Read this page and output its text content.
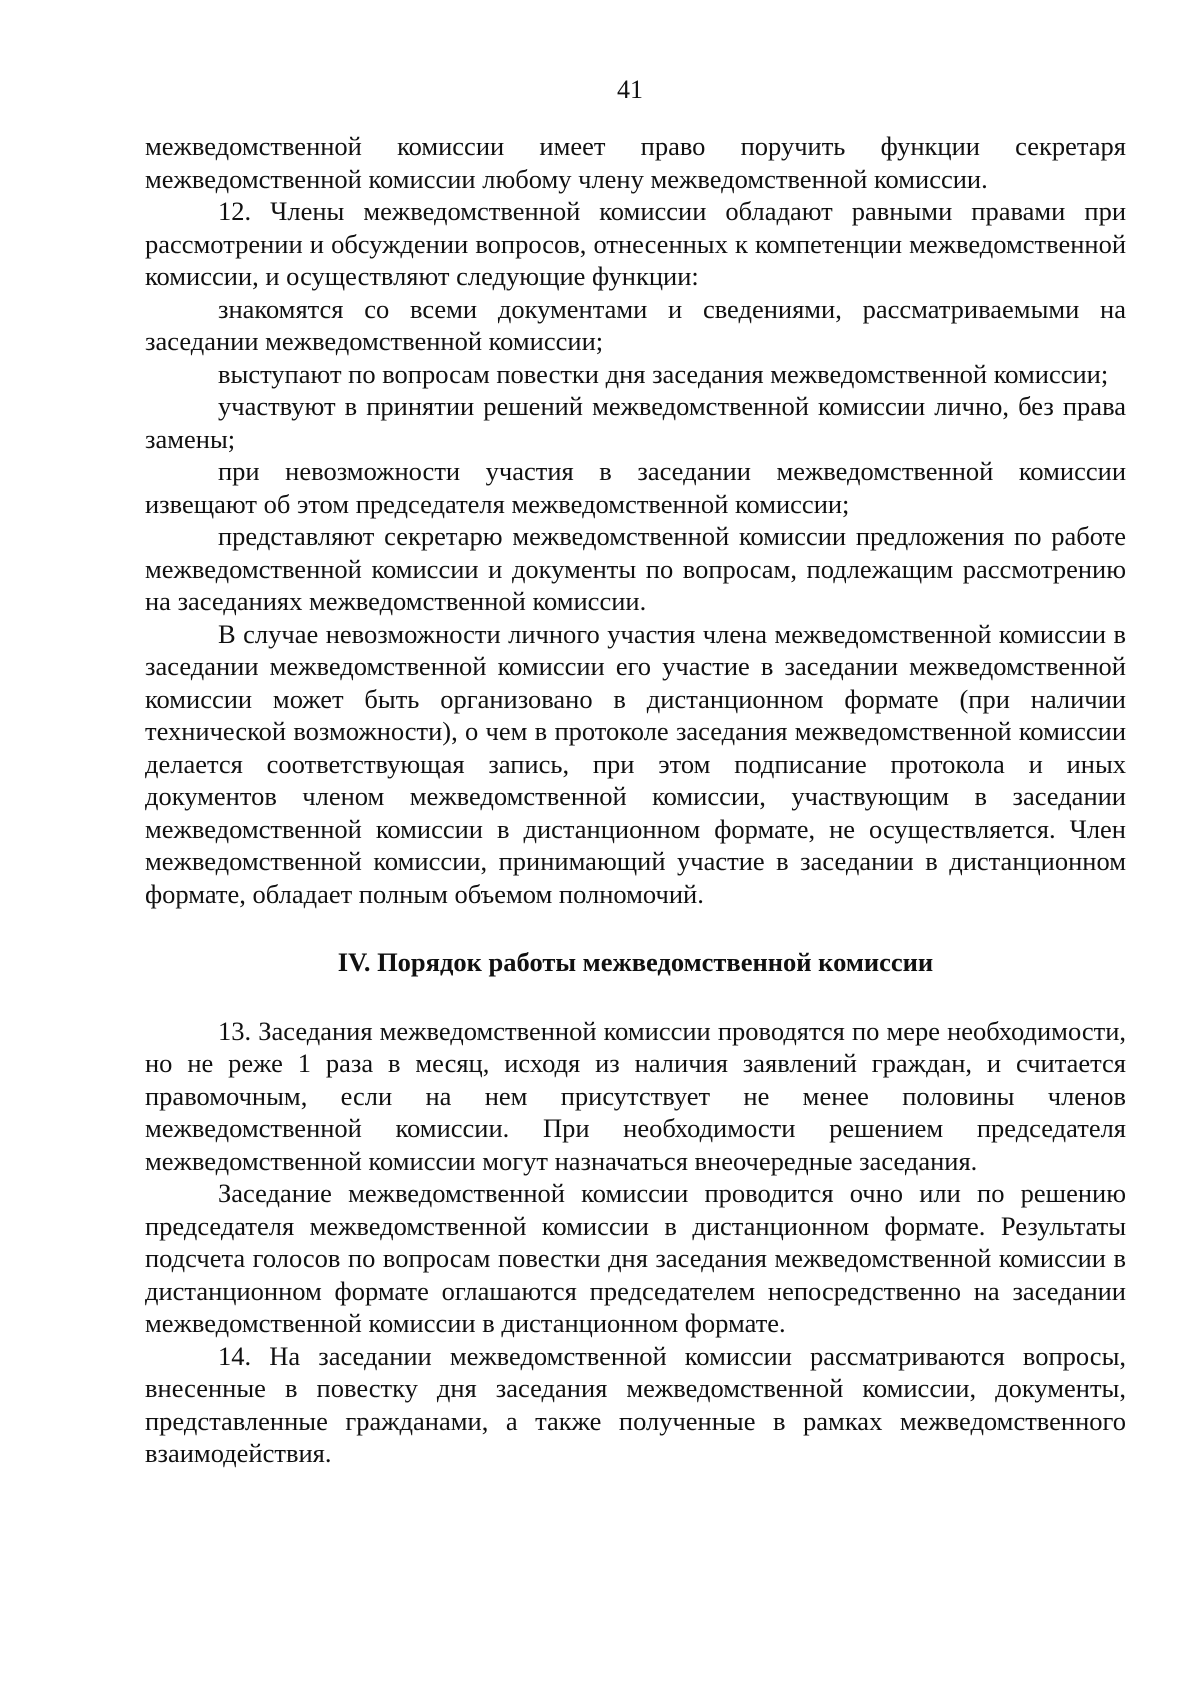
41

межведомственной комиссии имеет право поручить функции секретаря межведомственной комиссии любому члену межведомственной комиссии.

12. Члены межведомственной комиссии обладают равными правами при рассмотрении и обсуждении вопросов, отнесенных к компетенции межведомственной комиссии, и осуществляют следующие функции:

знакомятся со всеми документами и сведениями, рассматриваемыми на заседании межведомственной комиссии;

выступают по вопросам повестки дня заседания межведомственной комиссии;

участвуют в принятии решений межведомственной комиссии лично, без права замены;

при невозможности участия в заседании межведомственной комиссии извещают об этом председателя межведомственной комиссии;

представляют секретарю межведомственной комиссии предложения по работе межведомственной комиссии и документы по вопросам, подлежащим рассмотрению на заседаниях межведомственной комиссии.

В случае невозможности личного участия члена межведомственной комиссии в заседании межведомственной комиссии его участие в заседании межведомственной комиссии может быть организовано в дистанционном формате (при наличии технической возможности), о чем в протоколе заседания межведомственной комиссии делается соответствующая запись, при этом подписание протокола и иных документов членом межведомственной комиссии, участвующим в заседании межведомственной комиссии в дистанционном формате, не осуществляется. Член межведомственной комиссии, принимающий участие в заседании в дистанционном формате, обладает полным объемом полномочий.

IV. Порядок работы межведомственной комиссии

13. Заседания межведомственной комиссии проводятся по мере необходимости, но не реже 1 раза в месяц, исходя из наличия заявлений граждан, и считается правомочным, если на нем присутствует не менее половины членов межведомственной комиссии. При необходимости решением председателя межведомственной комиссии могут назначаться внеочередные заседания.

Заседание межведомственной комиссии проводится очно или по решению председателя межведомственной комиссии в дистанционном формате. Результаты подсчета голосов по вопросам повестки дня заседания межведомственной комиссии в дистанционном формате оглашаются председателем непосредственно на заседании межведомственной комиссии в дистанционном формате.

14. На заседании межведомственной комиссии рассматриваются вопросы, внесенные в повестку дня заседания межведомственной комиссии, документы, представленные гражданами, а также полученные в рамках межведомственного взаимодействия.
